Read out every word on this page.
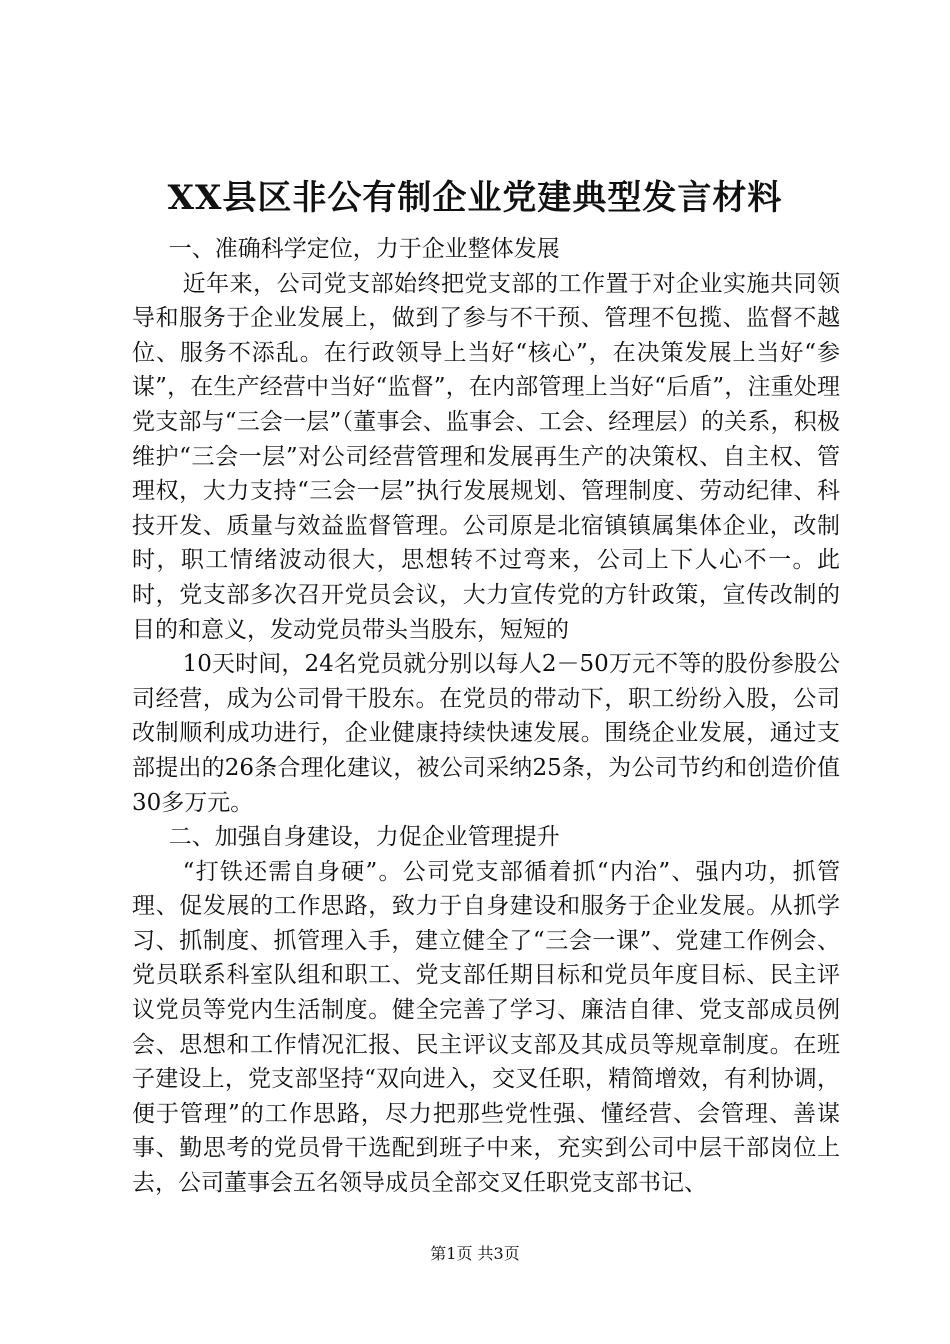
XX县区非公有制企业党建典型发言材料

一、准确科学定位，力于企业整体发展

近年来，公司党支部始终把党支部的工作置于对企业实施共同领导和服务于企业发展上，做到了参与不干预、管理不包揽、监督不越位、服务不添乱。在行政领导上当好“核心”，在决策发展上当好“参谋”，在生产经营中当好“监督”，在内部管理上当好“后盾”，注重处理党支部与“三会一层”（董事会、监事会、工会、经理层）的关系，积极维护“三会一层”对公司经营管理和发展再生产的决策权、自主权、管理权，大力支持“三会一层”执行发展规划、管理制度、劳动纪律、科技开发、质量与效益监督管理。公司原是北宿镇镇属集体企业，改制时，职工情绪波动很大，思想转不过弯来，公司上下人心不一。此时，党支部多次召开党员会议，大力宣传党的方针政策，宣传改制的目的和意义，发动党员带头当股东，短短的

10天时间，24名党员就分别以每人2－50万元不等的股份参股公司经营，成为公司骨干股东。在党员的带动下，职工纷纷入股，公司改制顺利成功进行，企业健康持续快速发展。围绕企业发展，通过支部提出的26条合理化建议，被公司采纳25条，为公司节约和创造价值30多万元。

二、加强自身建设，力促企业管理提升

“打铁还需自身硬”。公司党支部循着抓“内治”、强内功，抓管理、促发展的工作思路，致力于自身建设和服务于企业发展。从抓学习、抓制度、抓管理入手，建立健全了“三会一课”、党建工作例会、党员联系科室队组和职工、党支部任期目标和党员年度目标、民主评议党员等党内生活制度。健全完善了学习、廉洁自律、党支部成员例会、思想和工作情况汇报、民主评议支部及其成员等规章制度。在班子建设上，党支部坚持“双向进入，交叉任职，精简增效，有利协调，便于管理”的工作思路，尽力把那些党性强、懂经营、会管理、善谋事、勤思考的党员骨干选配到班子中来，充实到公司中层干部岗位上去，公司董事会五名领导成员全部交叉任职党支部书记、

第1页 共3页
